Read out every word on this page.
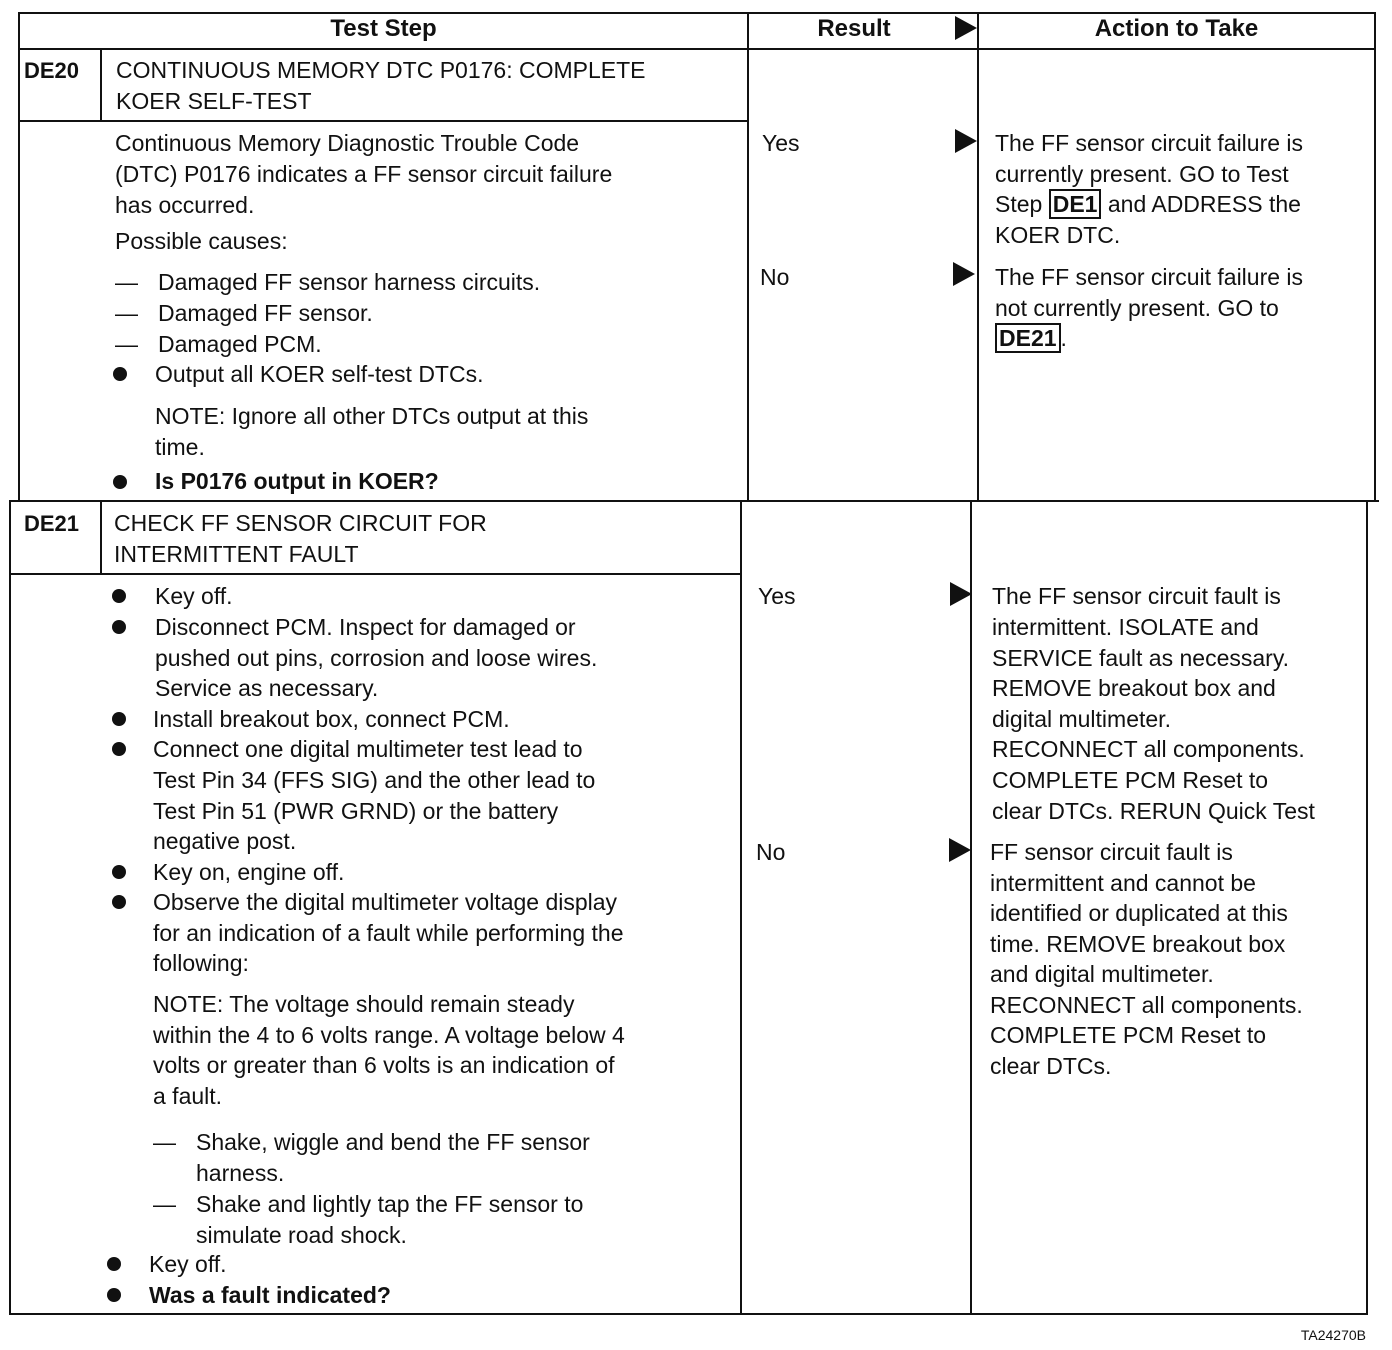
Test Step	Result	Action to Take
DE20 CONTINUOUS MEMORY DTC P0176: COMPLETE
KOER SELF-TEST
Continuous Memory Diagnostic Trouble Code
(DTC) P0176 indicates a FF sensor circuit failure
has occurred.
Possible causes:
— Damaged FF sensor harness circuits.
— Damaged FF sensor.
— Damaged PCM.
Output all KOER self-test DTCs.
NOTE: Ignore all other DTCs output at this
time.
Is P0176 output in KOER?
Yes
No
The FF sensor circuit failure is
currently present. GO to Test
Step DE1 and ADDRESS the
KOER DTC.
The FF sensor circuit failure is
not currently present. GO to
DE21 .
DE21 CHECK FF SENSOR CIRCUIT FOR
INTERMITTENT FAULT
Key off.
Disconnect PCM. Inspect for damaged or
pushed out pins, corrosion and loose wires.
Service as necessary.
Install breakout box, connect PCM.
Connect one digital multimeter test lead to
Test Pin 34 (FFS SIG) and the other lead to
Test Pin 51 (PWR GRND) or the battery
negative post.
Key on, engine off.
Observe the digital multimeter voltage display
for an indication of a fault while performing the
following:
NOTE: The voltage should remain steady
within the 4 to 6 volts range. A voltage below 4
volts or greater than 6 volts is an indication of
a fault.
— Shake, wiggle and bend the FF sensor
harness.
— Shake and lightly tap the FF sensor to
simulate road shock.
Key off.
Was a fault indicated?
Yes
No
The FF sensor circuit fault is
intermittent. ISOLATE and
SERVICE fault as necessary.
REMOVE breakout box and
digital multimeter.
RECONNECT all components.
COMPLETE PCM Reset to
clear DTCs. RERUN Quick Test
FF sensor circuit fault is
intermittent and cannot be
identified or duplicated at this
time. REMOVE breakout box
and digital multimeter.
RECONNECT all components.
COMPLETE PCM Reset to
clear DTCs.
TA24270B
